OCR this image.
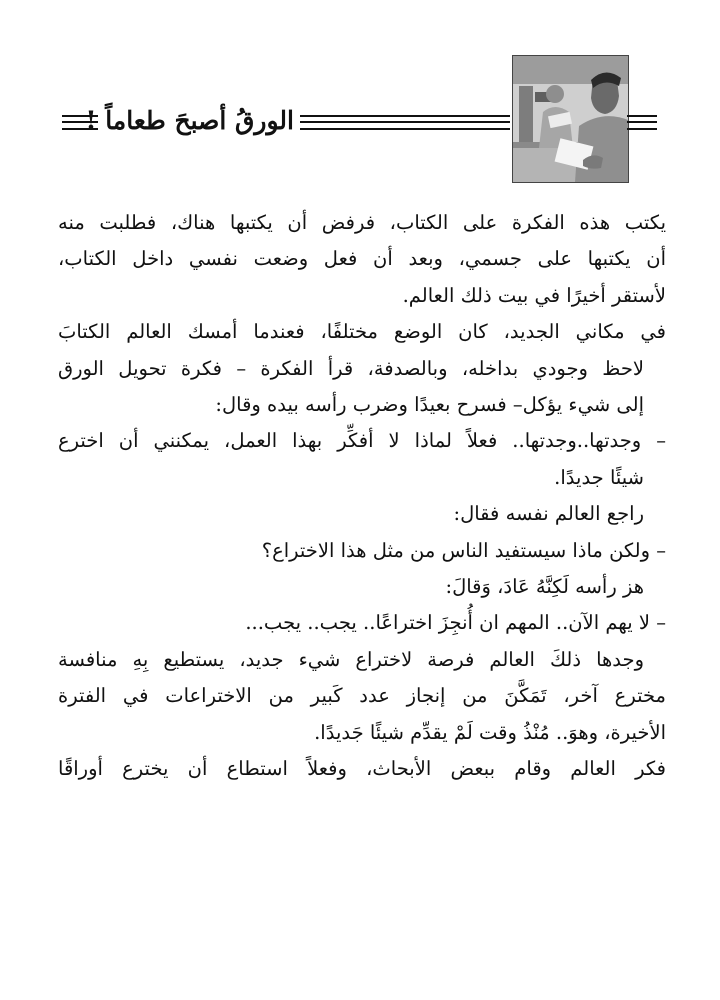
الورقُ أصبحَ طعاماً !

يكتب هذه الفكرة على الكتاب، فرفض أن يكتبها هناك، فطلبت منه

أن يكتبها على جسمي، وبعد أن فعل وضعت نفسي داخل الكتاب،

لأستقر أخيرًا في بيت ذلك العالم.

في مكاني الجديد، كان الوضع مختلفًا، فعندما أمسك العالم الكتابَ

لاحظ وجودي بداخله، وبالصدفة، قرأ الفكرة – فكرة تحويل الورق

إلى شيء يؤكل– فسرح بعيدًا وضرب رأسه بيده وقال:

– وجدتها..وجدتها.. فعلاً لماذا لا أفكِّر بهذا العمل، يمكنني أن اخترع

شيئًا جديدًا.

راجع العالم نفسه فقال:

– ولكن ماذا سيستفيد الناس من مثل هذا الاختراع؟

هز رأسه لَكِنَّهُ عَادَ، وَقالَ:

– لا يهم الآن.. المهم ان أُنجِزَ اختراعًا.. يجب.. يجب...

وجدها ذلكَ العالم فرصة لاختراع شيء جديد، يستطيع بِهِ منافسة

مخترع آخر، تَمَكَّنَ من إنجاز عدد كَبير من الاختراعات في الفترة

الأخيرة، وهوَ.. مُنْذُ وقت لَمْ يقدِّم شيئًا جَديدًا.

فكر العالم وقام ببعض الأبحاث، وفعلاً استطاع أن يخترع أوراقًا
